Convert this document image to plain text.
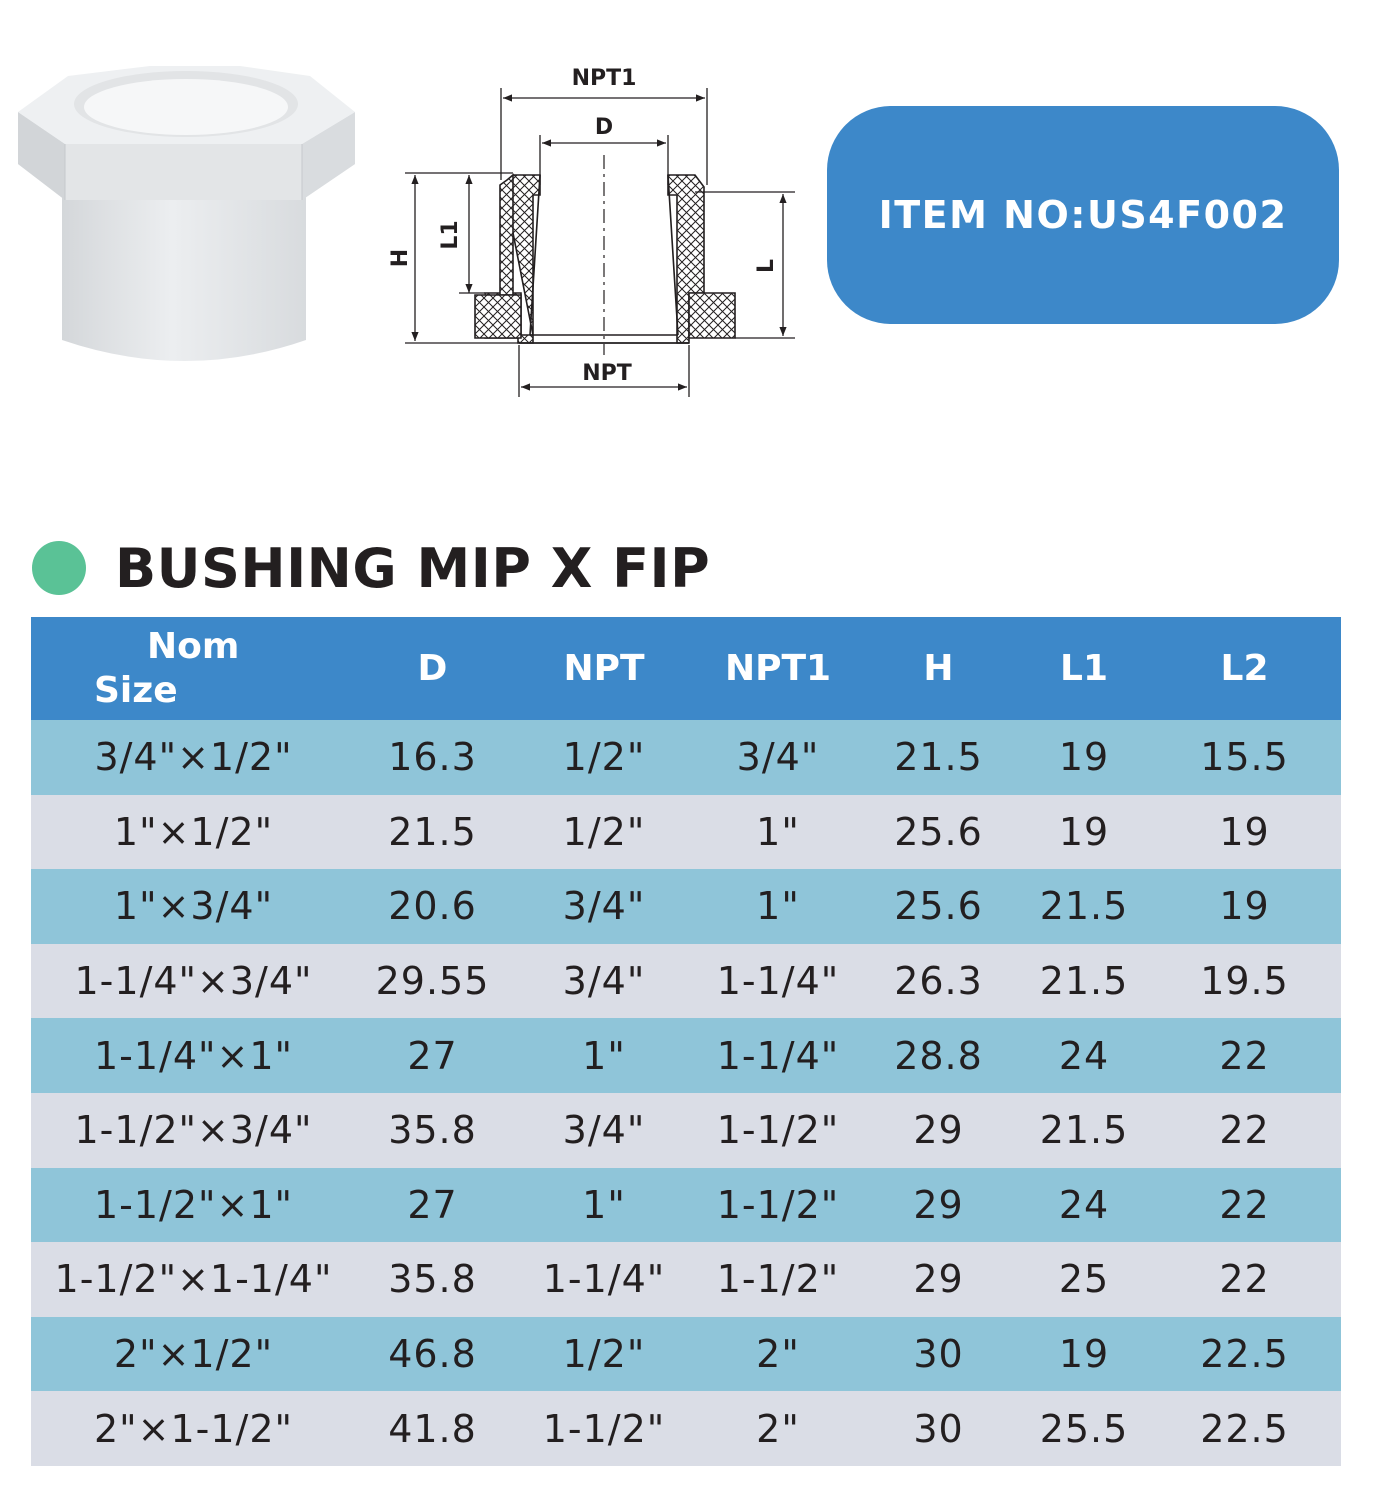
NPT1
D
H
L1
L
NPT
ITEM NO:US4F002
BUSHING MIP X FIP
Nom
Size	D	NPT	NPT1	H	L1	L2
3/4"×1/2"	16.3	1/2"	3/4"	21.5	19	15.5
1"×1/2"	21.5	1/2"	1"	25.6	19	19
1"×3/4"	20.6	3/4"	1"	25.6	21.5	19
1-1/4"×3/4"	29.55	3/4"	1-1/4"	26.3	21.5	19.5
1-1/4"×1"	27	1"	1-1/4"	28.8	24	22
1-1/2"×3/4"	35.8	3/4"	1-1/2"	29	21.5	22
1-1/2"×1"	27	1"	1-1/2"	29	24	22
1-1/2"×1-1/4"	35.8	1-1/4"	1-1/2"	29	25	22
2"×1/2"	46.8	1/2"	2"	30	19	22.5
2"×1-1/2"	41.8	1-1/2"	2"	30	25.5	22.5
